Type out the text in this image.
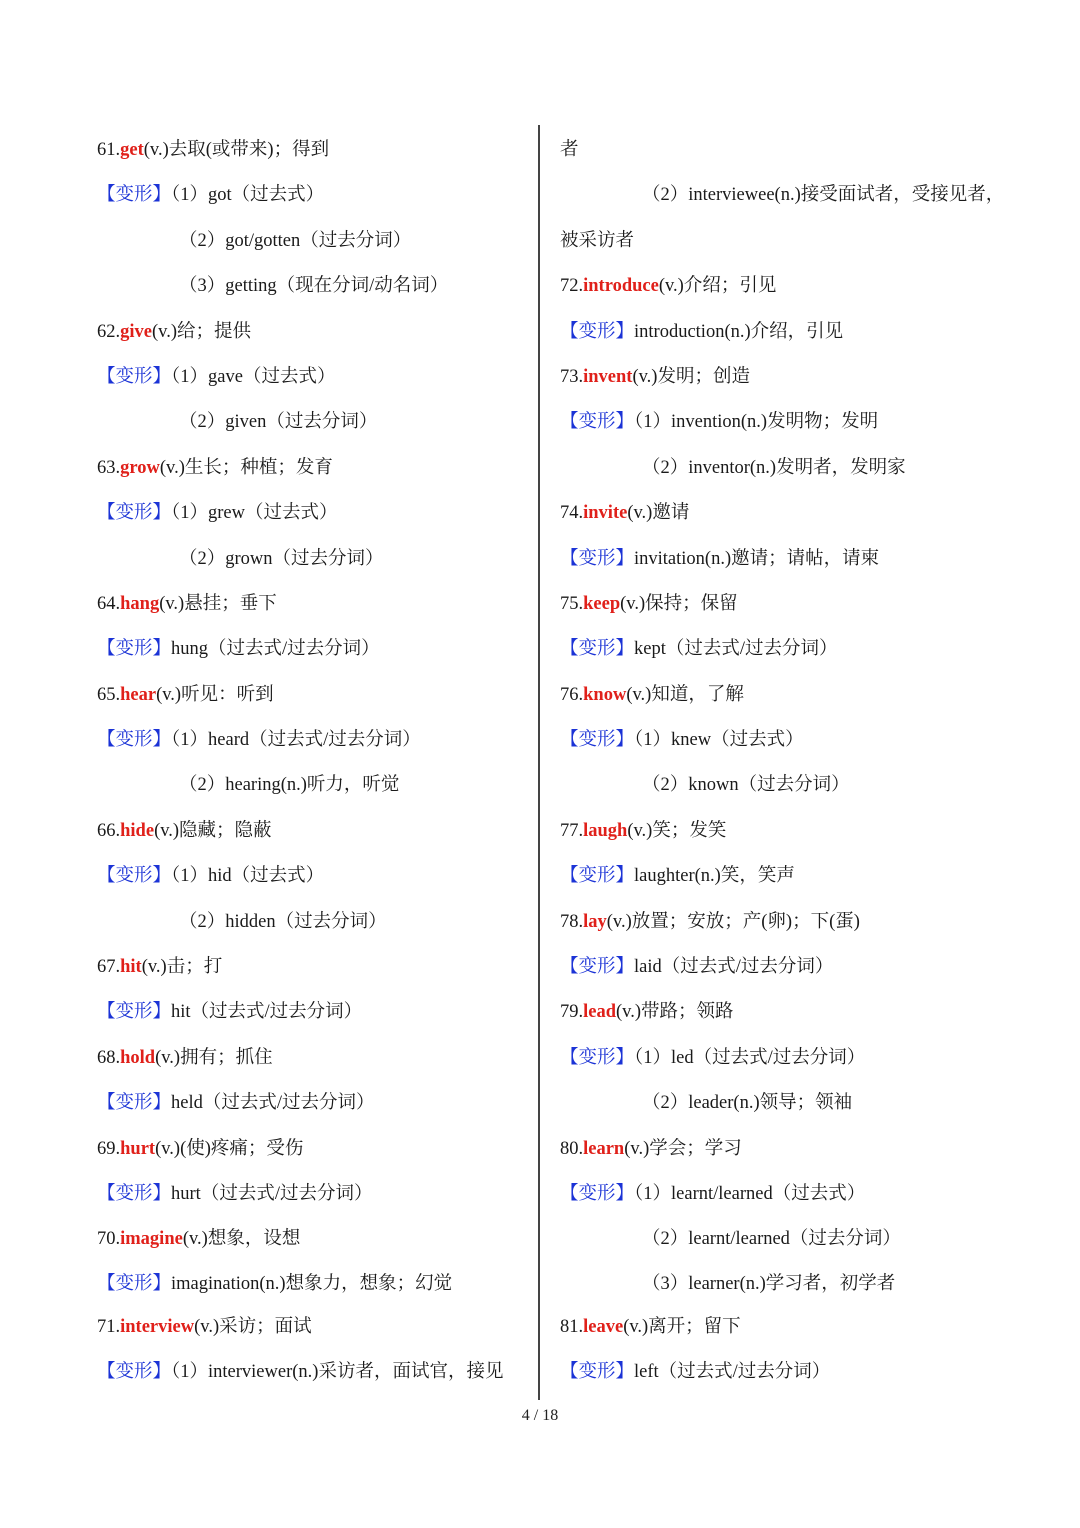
61.get(v.)去取(或带来)；得到
【变形】（1）got（过去式）
（2）got/gotten（过去分词）
（3）getting（现在分词/动名词）
62.give(v.)给；提供
【变形】（1）gave（过去式）
（2）given（过去分词）
63.grow(v.)生长；种植；发育
【变形】（1）grew（过去式）
（2）grown（过去分词）
64.hang(v.)悬挂；垂下
【变形】hung（过去式/过去分词）
65.hear(v.)听见：听到
【变形】（1）heard（过去式/过去分词）
（2）hearing(n.)听力，听觉
66.hide(v.)隐藏；隐蔽
【变形】（1）hid（过去式）
（2）hidden（过去分词）
67.hit(v.)击；打
【变形】hit（过去式/过去分词）
68.hold(v.)拥有；抓住
【变形】held（过去式/过去分词）
69.hurt(v.)(使)疼痛；受伤
【变形】hurt（过去式/过去分词）
70.imagine(v.)想象，设想
【变形】imagination(n.)想象力，想象；幻觉
71.interview(v.)采访；面试
【变形】（1）interviewer(n.)采访者，面试官，接见
者
（2）interviewee(n.)接受面试者，受接见者，
被采访者
72.introduce(v.)介绍；引见
【变形】introduction(n.)介绍，引见
73.invent(v.)发明；创造
【变形】（1）invention(n.)发明物；发明
（2）inventor(n.)发明者，发明家
74.invite(v.)邀请
【变形】invitation(n.)邀请；请帖，请柬
75.keep(v.)保持；保留
【变形】kept（过去式/过去分词）
76.know(v.)知道，了解
【变形】（1）knew（过去式）
（2）known（过去分词）
77.laugh(v.)笑；发笑
【变形】laughter(n.)笑，笑声
78.lay(v.)放置；安放；产(卵)；下(蛋)
【变形】laid（过去式/过去分词）
79.lead(v.)带路；领路
【变形】（1）led（过去式/过去分词）
（2）leader(n.)领导；领袖
80.learn(v.)学会；学习
【变形】（1）learnt/learned（过去式）
（2）learnt/learned（过去分词）
（3）learner(n.)学习者，初学者
81.leave(v.)离开；留下
【变形】left（过去式/过去分词）
4 / 18
